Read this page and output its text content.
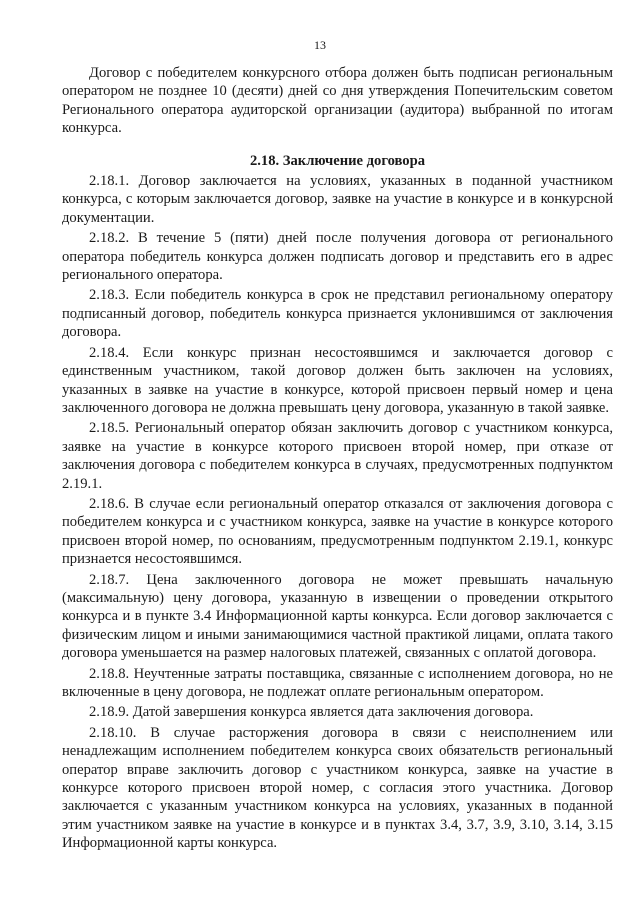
13

Договор с победителем конкурсного отбора должен быть подписан региональным оператором не позднее 10 (десяти) дней со дня утверждения Попечительским советом Регионального оператора аудиторской организации (аудитора) выбранной по итогам конкурса.

2.18. Заключение договора

2.18.1. Договор заключается на условиях, указанных в поданной участником конкурса, с которым заключается договор, заявке на участие в конкурсе и в конкурсной документации.

2.18.2. В течение 5 (пяти) дней после получения договора от регионального оператора победитель конкурса должен подписать договор и представить его в адрес регионального оператора.

2.18.3. Если победитель конкурса в срок не представил региональному оператору подписанный договор, победитель конкурса признается уклонившимся от заключения договора.

2.18.4. Если конкурс признан несостоявшимся и заключается договор с единственным участником, такой договор должен быть заключен на условиях, указанных в заявке на участие в конкурсе, которой присвоен первый номер и цена заключенного договора не должна превышать цену договора, указанную в такой заявке.

2.18.5. Региональный оператор обязан заключить договор с участником конкурса, заявке на участие в конкурсе которого присвоен второй номер, при отказе от заключения договора с победителем конкурса в случаях, предусмотренных подпунктом 2.19.1.

2.18.6. В случае если региональный оператор отказался от заключения договора с победителем конкурса и с участником конкурса, заявке на участие в конкурсе которого присвоен второй номер, по основаниям, предусмотренным подпунктом 2.19.1, конкурс признается несостоявшимся.

2.18.7. Цена заключенного договора не может превышать начальную (максимальную) цену договора, указанную в извещении о проведении открытого конкурса и в пункте 3.4 Информационной карты конкурса. Если договор заключается с физическим лицом и иными занимающимися частной практикой лицами, оплата такого договора уменьшается на размер налоговых платежей, связанных с оплатой договора.

2.18.8. Неучтенные затраты поставщика, связанные с исполнением договора, но не включенные в цену договора, не подлежат оплате региональным оператором.

2.18.9. Датой завершения конкурса является дата заключения договора.

2.18.10. В случае расторжения договора в связи с неисполнением или ненадлежащим исполнением победителем конкурса своих обязательств региональный оператор вправе заключить договор с участником конкурса, заявке на участие в конкурсе которого присвоен второй номер, с согласия этого участника. Договор заключается с указанным участником конкурса на условиях, указанных в поданной этим участником заявке на участие в конкурсе и в пунктах 3.4, 3.7, 3.9, 3.10, 3.14, 3.15 Информационной карты конкурса.
